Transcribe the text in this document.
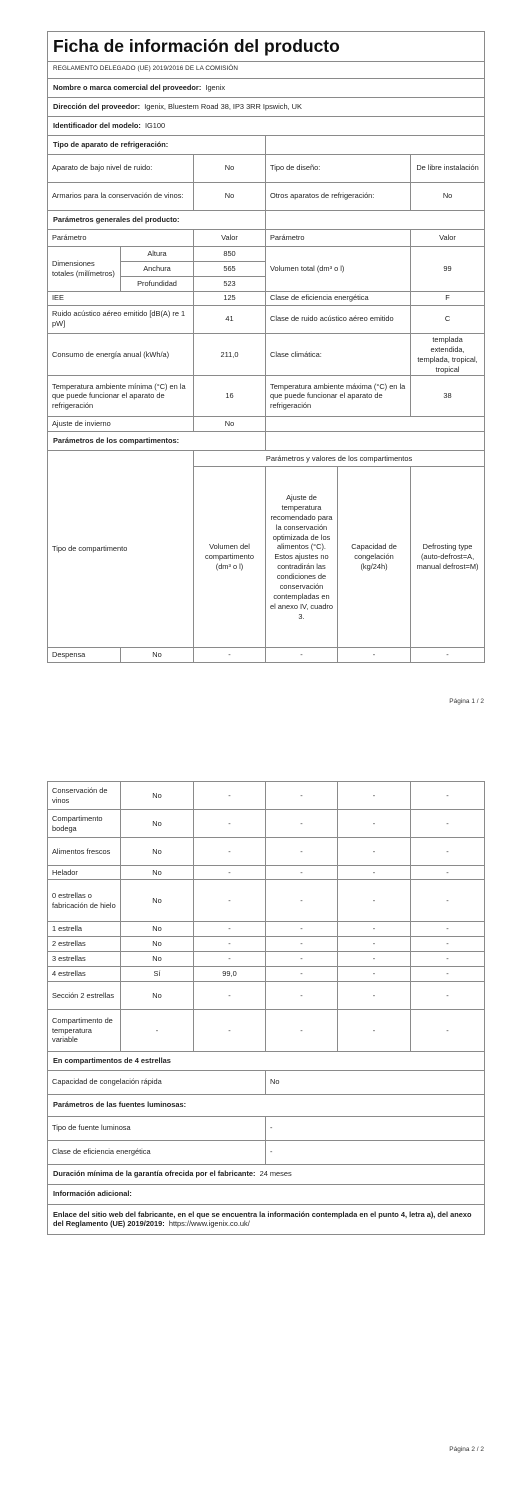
Ficha de información del producto					
REGLAMENTO DELEGADO (UE) 2019/2016 DE LA COMISIÓN					
Nombre o marca comercial del proveedor: Igenix					
Dirección del proveedor: Igenix, Bluestem Road 38, IP3 3RR Ipswich, UK					
Identificador del modelo: IG100					
Tipo de aparato de refrigeración:					
Aparato de bajo nivel de ruido:		No	Tipo de diseño:		De libre instalación
Armarios para la conservación de vinos:		No	Otros aparatos de refrigeración:		No
Parámetros generales del producto:					
Parámetro		Valor	Parámetro		Valor
Dimensiones totales (milímetros)	Altura	850	Volumen total (dm³ o l)		99
	Anchura	565			
	Profundidad	523			
IEE		125	Clase de eficiencia energética		F
Ruido acústico aéreo emitido [dB(A) re 1 pW]		41	Clase de ruido acústico aéreo emitido		C
Consumo de energía anual (kWh/a)		211,0	Clase climática:		templada extendida, templada, tropical, tropical
Temperatura ambiente mínima (°C) en la que puede funcionar el aparato de refrigeración		16	Temperatura ambiente máxima (°C) en la que puede funcionar el aparato de refrigeración		38
Ajuste de invierno		No			
Parámetros de los compartimentos:					
Tipo de compartimento		Parámetros y valores de los compartimentos			
		Volumen del compartimento (dm³ o l)	Ajuste de temperatura recomendado para la conservación optimizada de los alimentos (°C). Estos ajustes no contradirán las condiciones de conservación contempladas en el anexo IV, cuadro 3.	Capacidad de congelación (kg/24h)	Defrosting type (auto-defrost=A, manual defrost=M)
Despensa	No	-	-	-	-
Página 1 / 2
Conservación de vinos	No	-	-	-	-
Compartimento bodega	No	-	-	-	-
Alimentos frescos	No	-	-	-	-
Helador	No	-	-	-	-
0 estrellas o fabricación de hielo	No	-	-	-	-
1 estrella	No	-	-	-	-
2 estrellas	No	-	-	-	-
3 estrellas	No	-	-	-	-
4 estrellas	Sí	99,0	-	-	-
Sección 2 estrellas	No	-	-	-	-
Compartimento de temperatura variable	-	-	-	-	-
En compartimentos de 4 estrellas					
Capacidad de congelación rápida			No		
Parámetros de las fuentes luminosas:					
Tipo de fuente luminosa			-		
Clase de eficiencia energética			-		
Duración mínima de la garantía ofrecida por el fabricante: 24 meses					
Información adicional:					
Enlace del sitio web del fabricante, en el que se encuentra la información contemplada en el punto 4, letra a), del anexo del Reglamento (UE) 2019/2019: https://www.igenix.co.uk/					
Página 2 / 2
